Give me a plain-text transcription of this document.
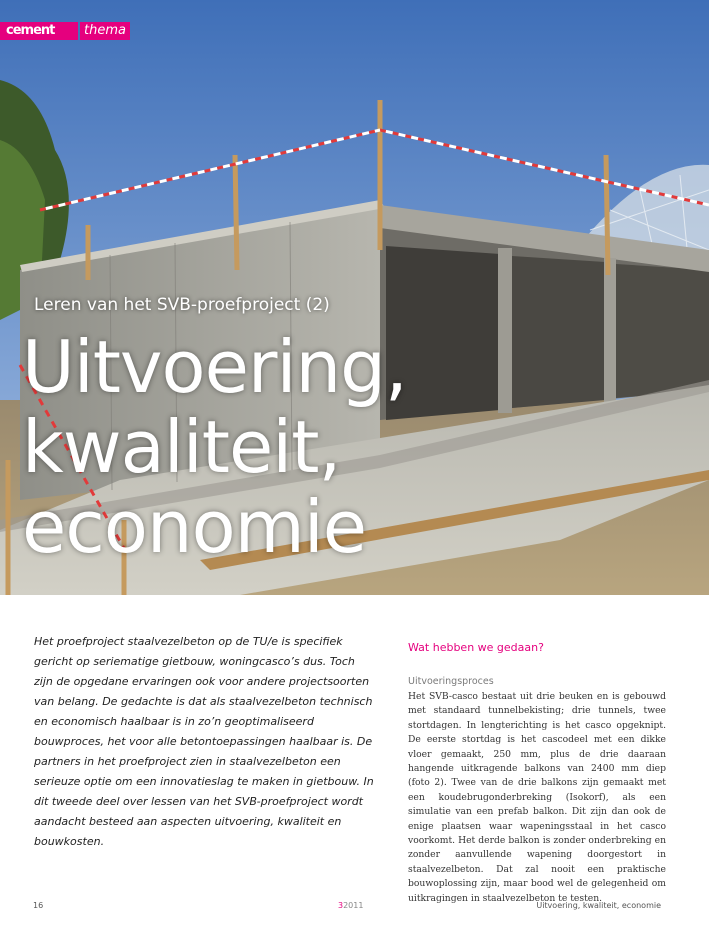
cement	thema
Leren van het SVB-proefproject (2)
Uitvoering,
kwaliteit,
economie
Het proefproject staalvezelbeton op de TU/e is specifiek gericht op seriematige gietbouw, woningcasco’s dus. Toch zijn de opgedane ervaringen ook voor andere projectsoorten van belang. De gedachte is dat als staalvezelbeton technisch en economisch haalbaar is in zo’n geoptimaliseerd bouwproces, het voor alle betontoepassingen haalbaar is. De partners in het proefproject zien in staalvezelbeton een serieuze optie om een innovatieslag te maken in gietbouw. In dit tweede deel over lessen van het SVB-proefproject wordt aandacht besteed aan aspecten uitvoering, kwaliteit en bouwkosten.
Wat hebben we gedaan?
Uitvoeringsproces
Het SVB-casco bestaat uit drie beuken en is gebouwd met standaard tunnelbekisting; drie tunnels, twee stortdagen. In lengterichting is het casco opgeknipt. De eerste stortdag is het cascodeel met een dikke vloer gemaakt, 250 mm, plus de drie daaraan hangende uitkragende balkons van 2400 mm diep (foto 2). Twee van de drie balkons zijn gemaakt met een koudebrugonderbreking (Isokorf), als een simulatie van een prefab balkon. Dit zijn dan ook de enige plaatsen waar wapeningsstaal in het casco voorkomt. Het derde balkon is zonder onderbreking en zonder aanvullende wapening doorgestort in staalvezelbeton. Dat zal nooit een praktische bouwoplossing zijn, maar bood wel de gelegenheid om uitkragingen in staalvezelbeton te testen.
16	32011	Uitvoering, kwaliteit, economie
